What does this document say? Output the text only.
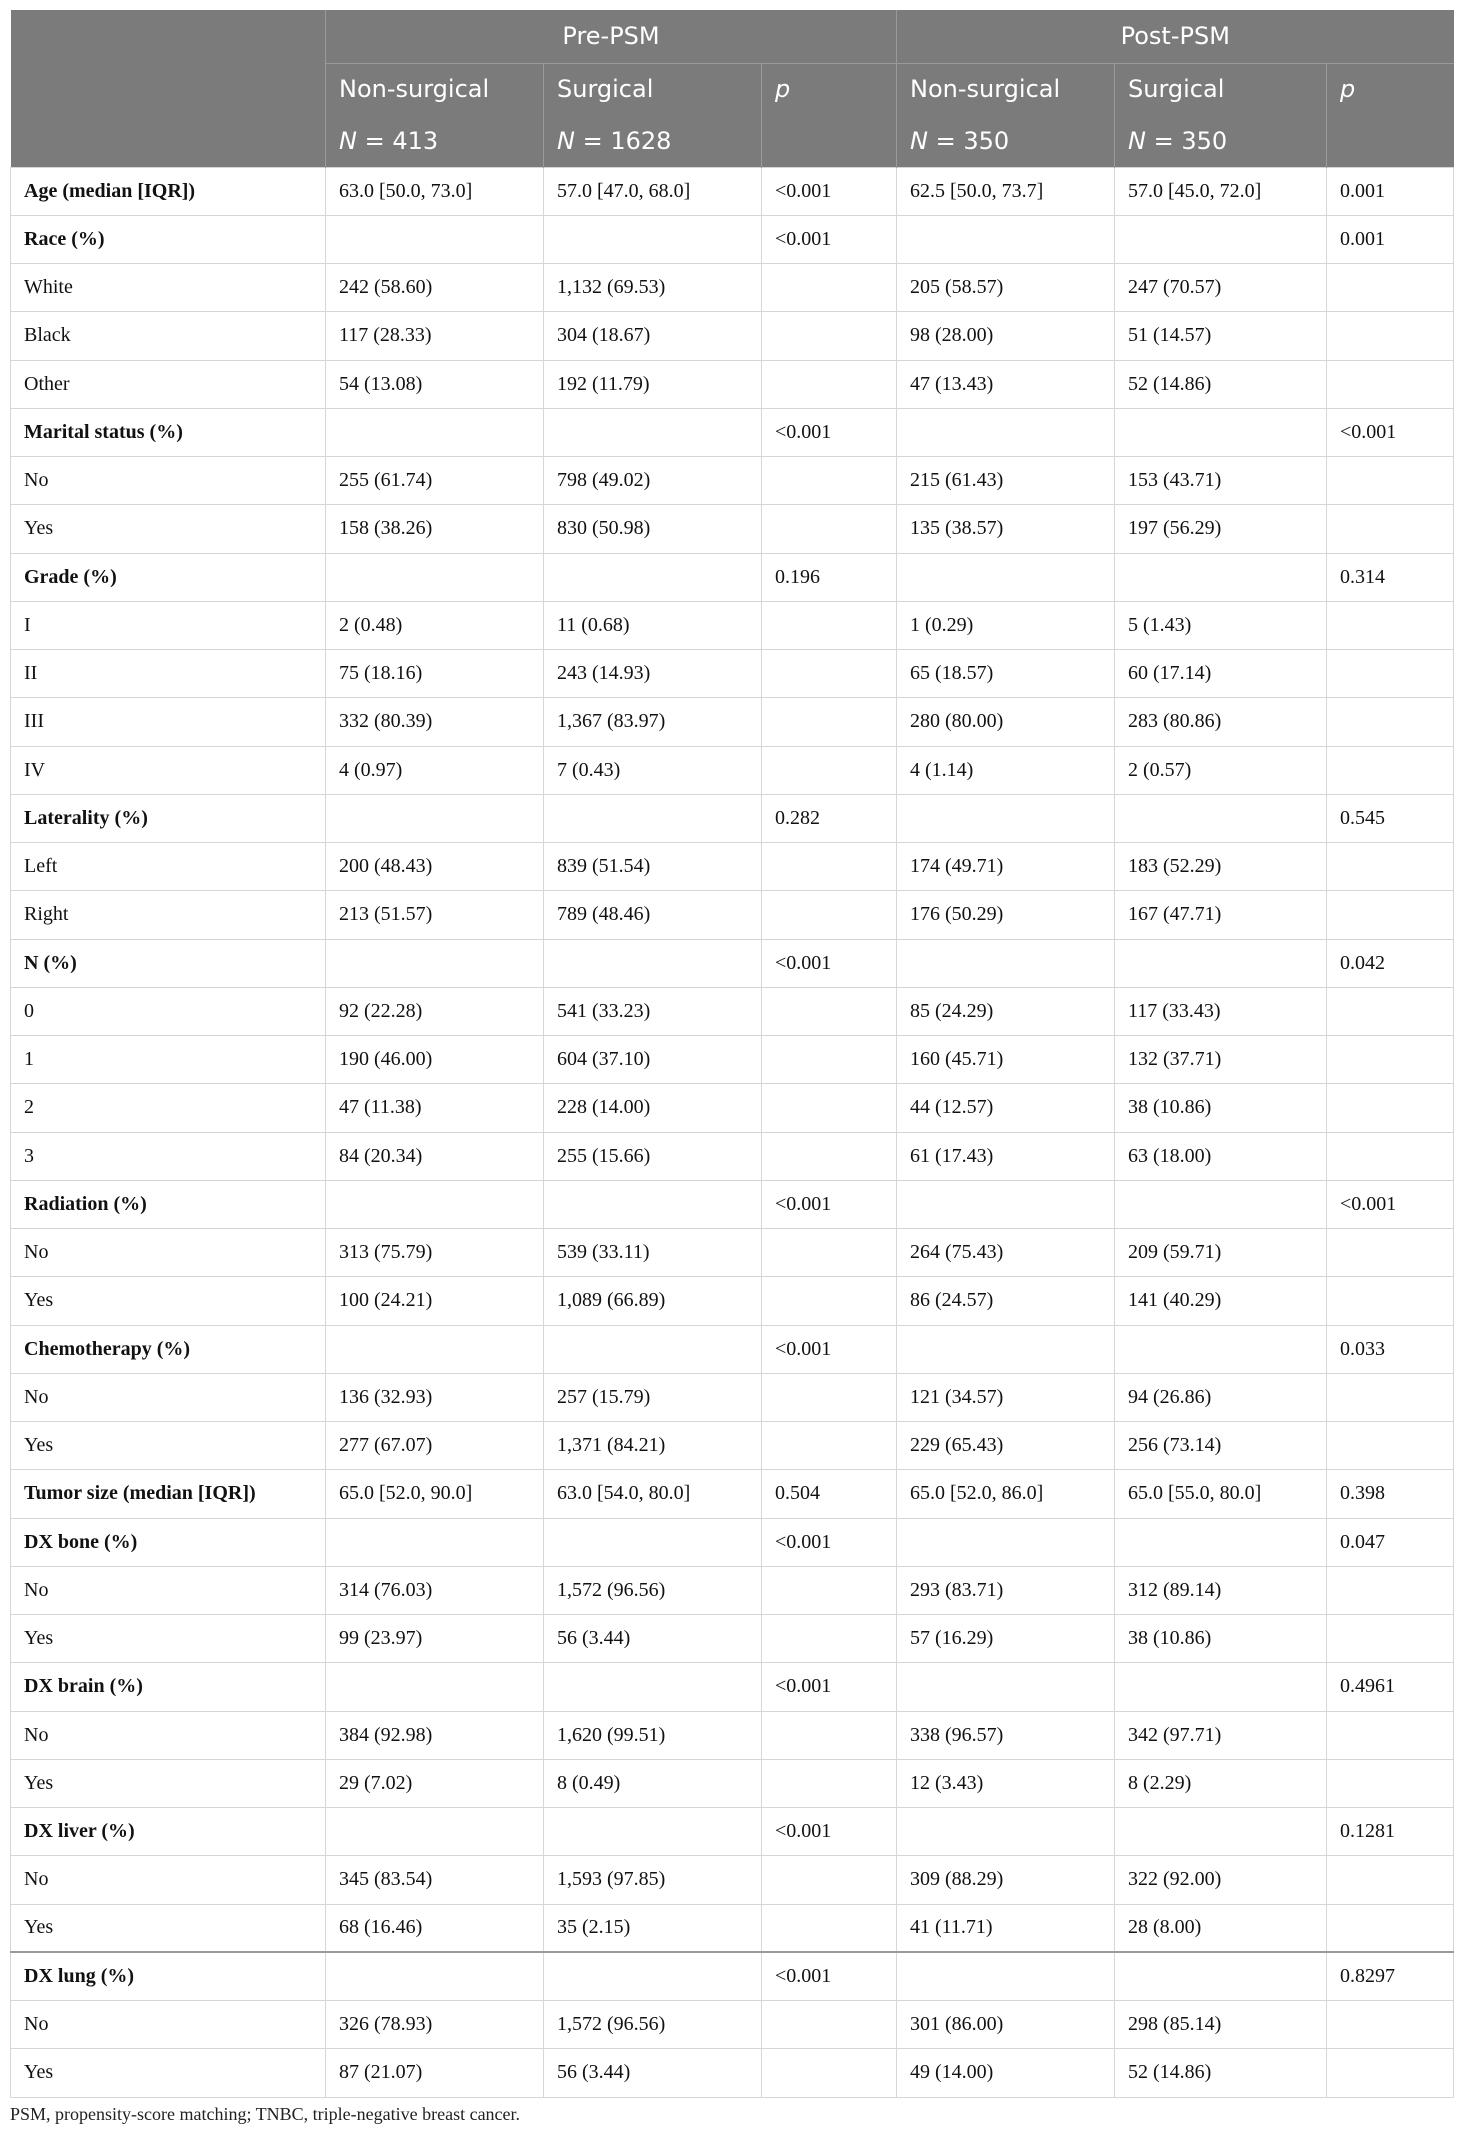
	Pre-PSM			Post-PSM		
	Non-surgical	Surgical	p	Non-surgical	Surgical	p
	N = 413	N = 1628		N = 350	N = 350	
Age (median [IQR])	63.0 [50.0, 73.0]	57.0 [47.0, 68.0]	<0.001	62.5 [50.0, 73.7]	57.0 [45.0, 72.0]	0.001
Race (%)			<0.001			0.001
White	242 (58.60)	1,132 (69.53)		205 (58.57)	247 (70.57)	
Black	117 (28.33)	304 (18.67)		98 (28.00)	51 (14.57)	
Other	54 (13.08)	192 (11.79)		47 (13.43)	52 (14.86)	
Marital status (%)			<0.001			<0.001
No	255 (61.74)	798 (49.02)		215 (61.43)	153 (43.71)	
Yes	158 (38.26)	830 (50.98)		135 (38.57)	197 (56.29)	
Grade (%)			0.196			0.314
I	2 (0.48)	11 (0.68)		1 (0.29)	5 (1.43)	
II	75 (18.16)	243 (14.93)		65 (18.57)	60 (17.14)	
III	332 (80.39)	1,367 (83.97)		280 (80.00)	283 (80.86)	
IV	4 (0.97)	7 (0.43)		4 (1.14)	2 (0.57)	
Laterality (%)			0.282			0.545
Left	200 (48.43)	839 (51.54)		174 (49.71)	183 (52.29)	
Right	213 (51.57)	789 (48.46)		176 (50.29)	167 (47.71)	
N (%)			<0.001			0.042
0	92 (22.28)	541 (33.23)		85 (24.29)	117 (33.43)	
1	190 (46.00)	604 (37.10)		160 (45.71)	132 (37.71)	
2	47 (11.38)	228 (14.00)		44 (12.57)	38 (10.86)	
3	84 (20.34)	255 (15.66)		61 (17.43)	63 (18.00)	
Radiation (%)			<0.001			<0.001
No	313 (75.79)	539 (33.11)		264 (75.43)	209 (59.71)	
Yes	100 (24.21)	1,089 (66.89)		86 (24.57)	141 (40.29)	
Chemotherapy (%)			<0.001			0.033
No	136 (32.93)	257 (15.79)		121 (34.57)	94 (26.86)	
Yes	277 (67.07)	1,371 (84.21)		229 (65.43)	256 (73.14)	
Tumor size (median [IQR])	65.0 [52.0, 90.0]	63.0 [54.0, 80.0]	0.504	65.0 [52.0, 86.0]	65.0 [55.0, 80.0]	0.398
DX bone (%)			<0.001			0.047
No	314 (76.03)	1,572 (96.56)		293 (83.71)	312 (89.14)	
Yes	99 (23.97)	56 (3.44)		57 (16.29)	38 (10.86)	
DX brain (%)			<0.001			0.4961
No	384 (92.98)	1,620 (99.51)		338 (96.57)	342 (97.71)	
Yes	29 (7.02)	8 (0.49)		12 (3.43)	8 (2.29)	
DX liver (%)			<0.001			0.1281
No	345 (83.54)	1,593 (97.85)		309 (88.29)	322 (92.00)	
Yes	68 (16.46)	35 (2.15)		41 (11.71)	28 (8.00)	
DX lung (%)			<0.001			0.8297
No	326 (78.93)	1,572 (96.56)		301 (86.00)	298 (85.14)	
Yes	87 (21.07)	56 (3.44)		49 (14.00)	52 (14.86)	
PSM, propensity-score matching; TNBC, triple-negative breast cancer.
